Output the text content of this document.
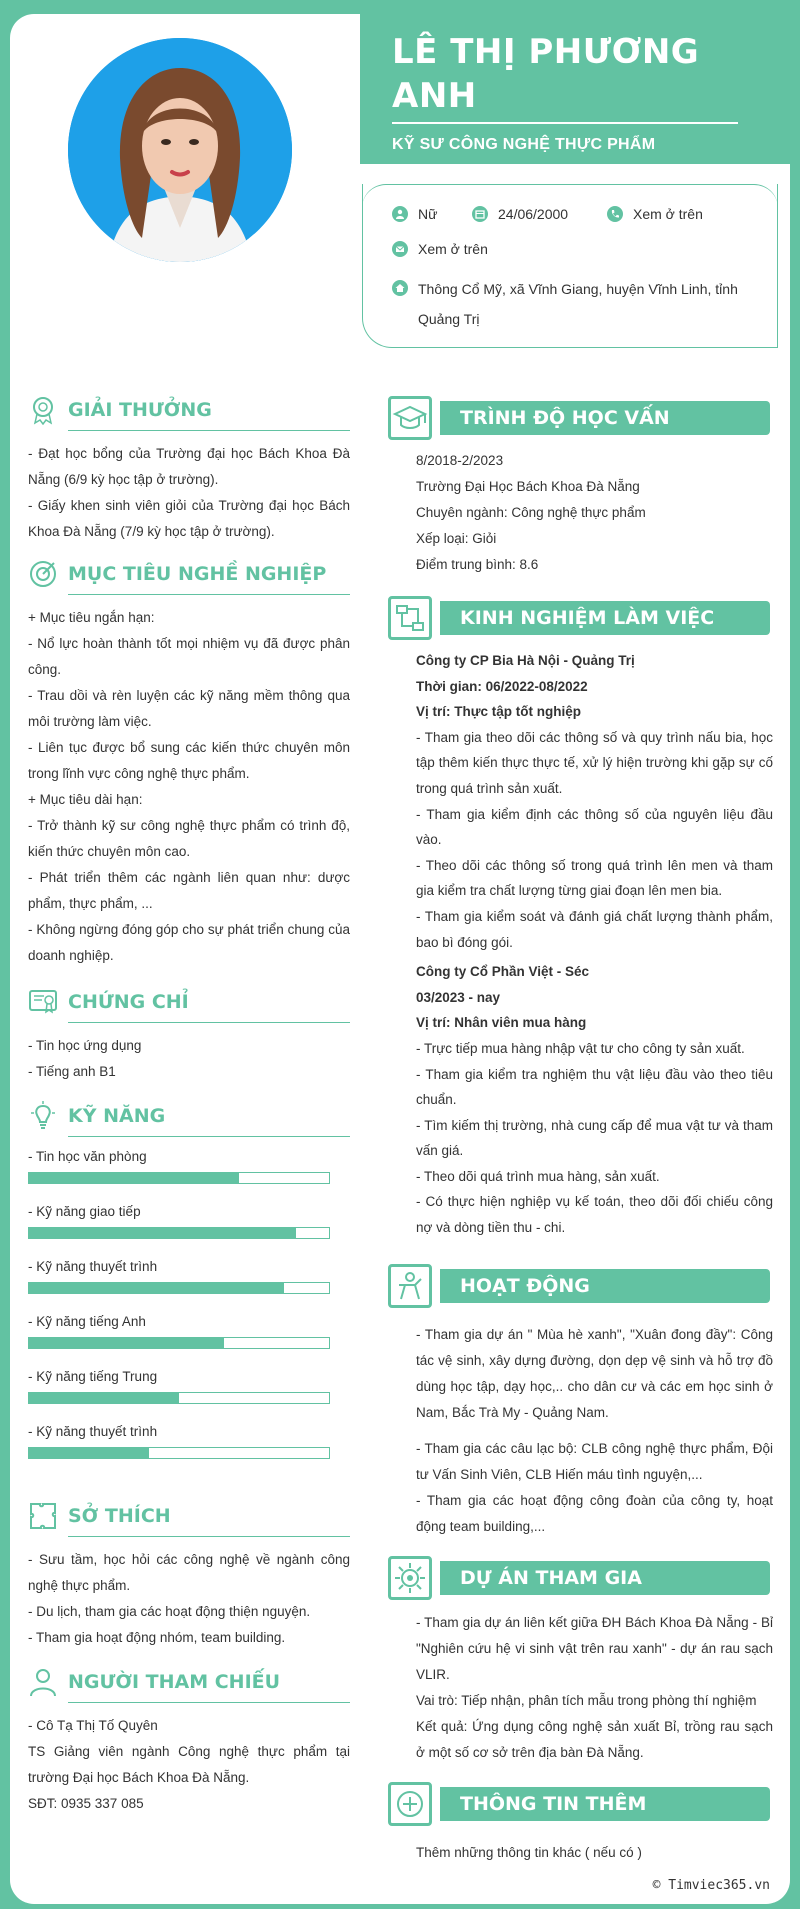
LÊ THỊ PHƯƠNG ANH
KỸ SƯ CÔNG NGHỆ THỰC PHẨM
Nữ	24/06/2000	Xem ở trên
Xem ở trên
Thông Cổ Mỹ, xã Vĩnh Giang, huyện Vĩnh Linh, tỉnh Quảng Trị
GIẢI THƯỞNG
- Đạt học bổng của Trường đại học Bách Khoa Đà Nẵng (6/9 kỳ học tập ở trường).
- Giấy khen sinh viên giỏi của Trường đại học Bách Khoa Đà Nẵng (7/9 kỳ học tập ở trường).
MỤC TIÊU NGHỀ NGHIỆP
+ Mục tiêu ngắn hạn:
- Nổ lực hoàn thành tốt mọi nhiệm vụ đã được phân công.
- Trau dồi và rèn luyện các kỹ năng mềm thông qua môi trường làm việc.
- Liên tục được bổ sung các kiến thức chuyên môn trong lĩnh vực công nghệ thực phẩm.
+ Mục tiêu dài hạn:
- Trở thành kỹ sư công nghệ thực phẩm có trình độ, kiến thức chuyên môn cao.
- Phát triển thêm các ngành liên quan như: dược phẩm, thực phẩm, ...
- Không ngừng đóng góp cho sự phát triển chung của doanh nghiệp.
CHỨNG CHỈ
- Tin học ứng dụng
- Tiếng anh B1
KỸ NĂNG
- Tin học văn phòng
- Kỹ năng giao tiếp
- Kỹ năng thuyết trình
- Kỹ năng tiếng Anh
- Kỹ năng tiếng Trung
- Kỹ năng thuyết trình
SỞ THÍCH
- Sưu tầm, học hỏi các công nghệ về ngành công nghệ thực phẩm.
- Du lịch, tham gia các hoạt động thiện nguyện.
- Tham gia hoạt động nhóm, team building.
NGƯỜI THAM CHIẾU
- Cô Tạ Thị Tố Quyên
TS Giảng viên ngành Công nghệ thực phẩm tại trường Đại học Bách Khoa Đà Nẵng.
SĐT: 0935 337 085
TRÌNH ĐỘ HỌC VẤN
8/2018-2/2023
Trường Đại Học Bách Khoa Đà Nẵng
Chuyên ngành: Công nghệ thực phẩm
Xếp loại: Giỏi
Điểm trung bình: 8.6
KINH NGHIỆM LÀM VIỆC
Công ty CP Bia Hà Nội - Quảng Trị
Thời gian: 06/2022-08/2022
Vị trí: Thực tập tốt nghiệp
- Tham gia theo dõi các thông số và quy trình nấu bia, học tập thêm kiến thực thực tế, xử lý hiện trường khi gặp sự cố trong quá trình sản xuất.
- Tham gia kiểm định các thông số của nguyên liệu đầu vào.
- Theo dõi các thông số trong quá trình lên men và tham gia kiểm tra chất lượng từng giai đoạn lên men bia.
- Tham gia kiểm soát và đánh giá chất lượng thành phẩm, bao bì đóng gói.
Công ty Cổ Phần Việt - Séc
03/2023 - nay
Vị trí: Nhân viên mua hàng
- Trực tiếp mua hàng nhập vật tư cho công ty sản xuất.
- Tham gia kiểm tra nghiệm thu vật liệu đầu vào theo tiêu chuẩn.
- Tìm kiếm thị trường, nhà cung cấp để mua vật tư và tham vấn giá.
- Theo dõi quá trình mua hàng, sản xuất.
- Có thực hiện nghiệp vụ kế toán, theo dõi đối chiếu công nợ và dòng tiền thu - chi.
HOẠT ĐỘNG
- Tham gia dự án " Mùa hè xanh", "Xuân đong đầy": Công tác vệ sinh, xây dựng đường, dọn dẹp vệ sinh và hỗ trợ đồ dùng học tập, dạy học,.. cho dân cư và các em học sinh ở Nam, Bắc Trà My - Quảng Nam.
- Tham gia các câu lạc bộ: CLB công nghệ thực phẩm, Đội tư Vấn Sinh Viên, CLB Hiến máu tình nguyện,...
- Tham gia các hoạt động công đoàn của công ty, hoạt động team building,...
DỰ ÁN THAM GIA
- Tham gia dự án liên kết giữa ĐH Bách Khoa Đà Nẵng - Bỉ "Nghiên cứu hệ vi sinh vật trên rau xanh" - dự án rau sạch VLIR.
Vai trò: Tiếp nhận, phân tích mẫu trong phòng thí nghiệm
Kết quả: Ứng dụng công nghệ sản xuất Bỉ, trồng rau sạch ở một số cơ sở trên địa bàn Đà Nẵng.
THÔNG TIN THÊM
Thêm những thông tin khác ( nếu có )
© Timviec365.vn
